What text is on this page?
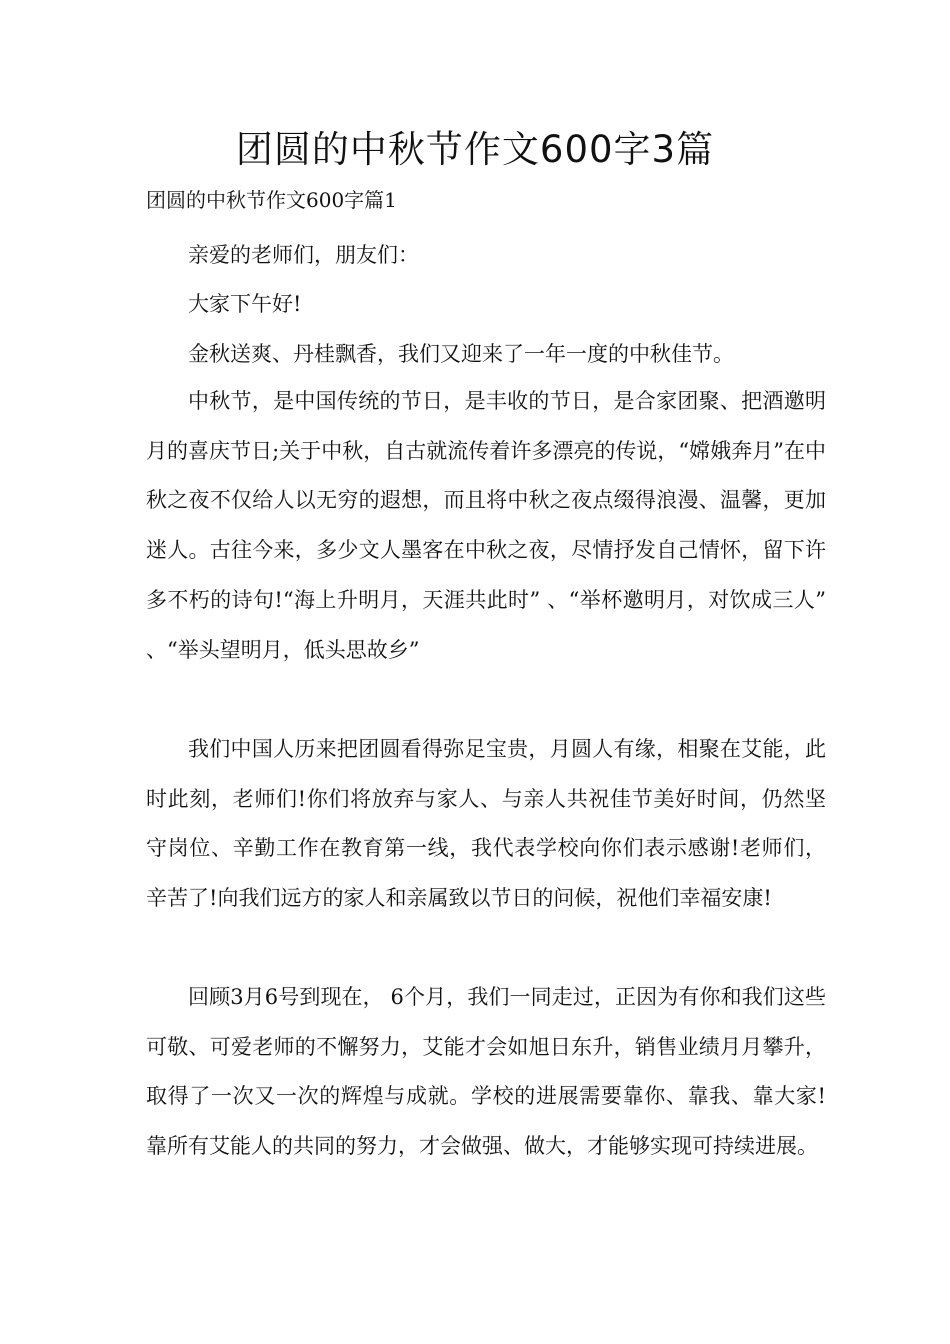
团圆的中秋节作文600字3篇

团圆的中秋节作文600字篇1

亲爱的老师们，朋友们：

大家下午好!

金秋送爽、丹桂飘香，我们又迎来了一年一度的中秋佳节。

中秋节，是中国传统的节日，是丰收的节日，是合家团聚、把酒邀明月的喜庆节日;关于中秋，自古就流传着许多漂亮的传说，“嫦娥奔月”在中秋之夜不仅给人以无穷的遐想，而且将中秋之夜点缀得浪漫、温馨，更加迷人。古往今来，多少文人墨客在中秋之夜，尽情抒发自己情怀，留下许多不朽的诗句!“海上升明月，天涯共此时” 、“举杯邀明月，对饮成三人” 、“举头望明月，低头思故乡”

我们中国人历来把团圆看得弥足宝贵，月圆人有缘，相聚在艾能，此时此刻，老师们!你们将放弃与家人、与亲人共祝佳节美好时间，仍然坚守岗位、辛勤工作在教育第一线，我代表学校向你们表示感谢!老师们，辛苦了!向我们远方的家人和亲属致以节日的问候，祝他们幸福安康!

回顾3月6号到现在， 6个月，我们一同走过，正因为有你和我们这些可敬、可爱老师的不懈努力，艾能才会如旭日东升，销售业绩月月攀升，取得了一次又一次的辉煌与成就。学校的进展需要靠你、靠我、靠大家!靠所有艾能人的共同的努力，才会做强、做大，才能够实现可持续进展。
